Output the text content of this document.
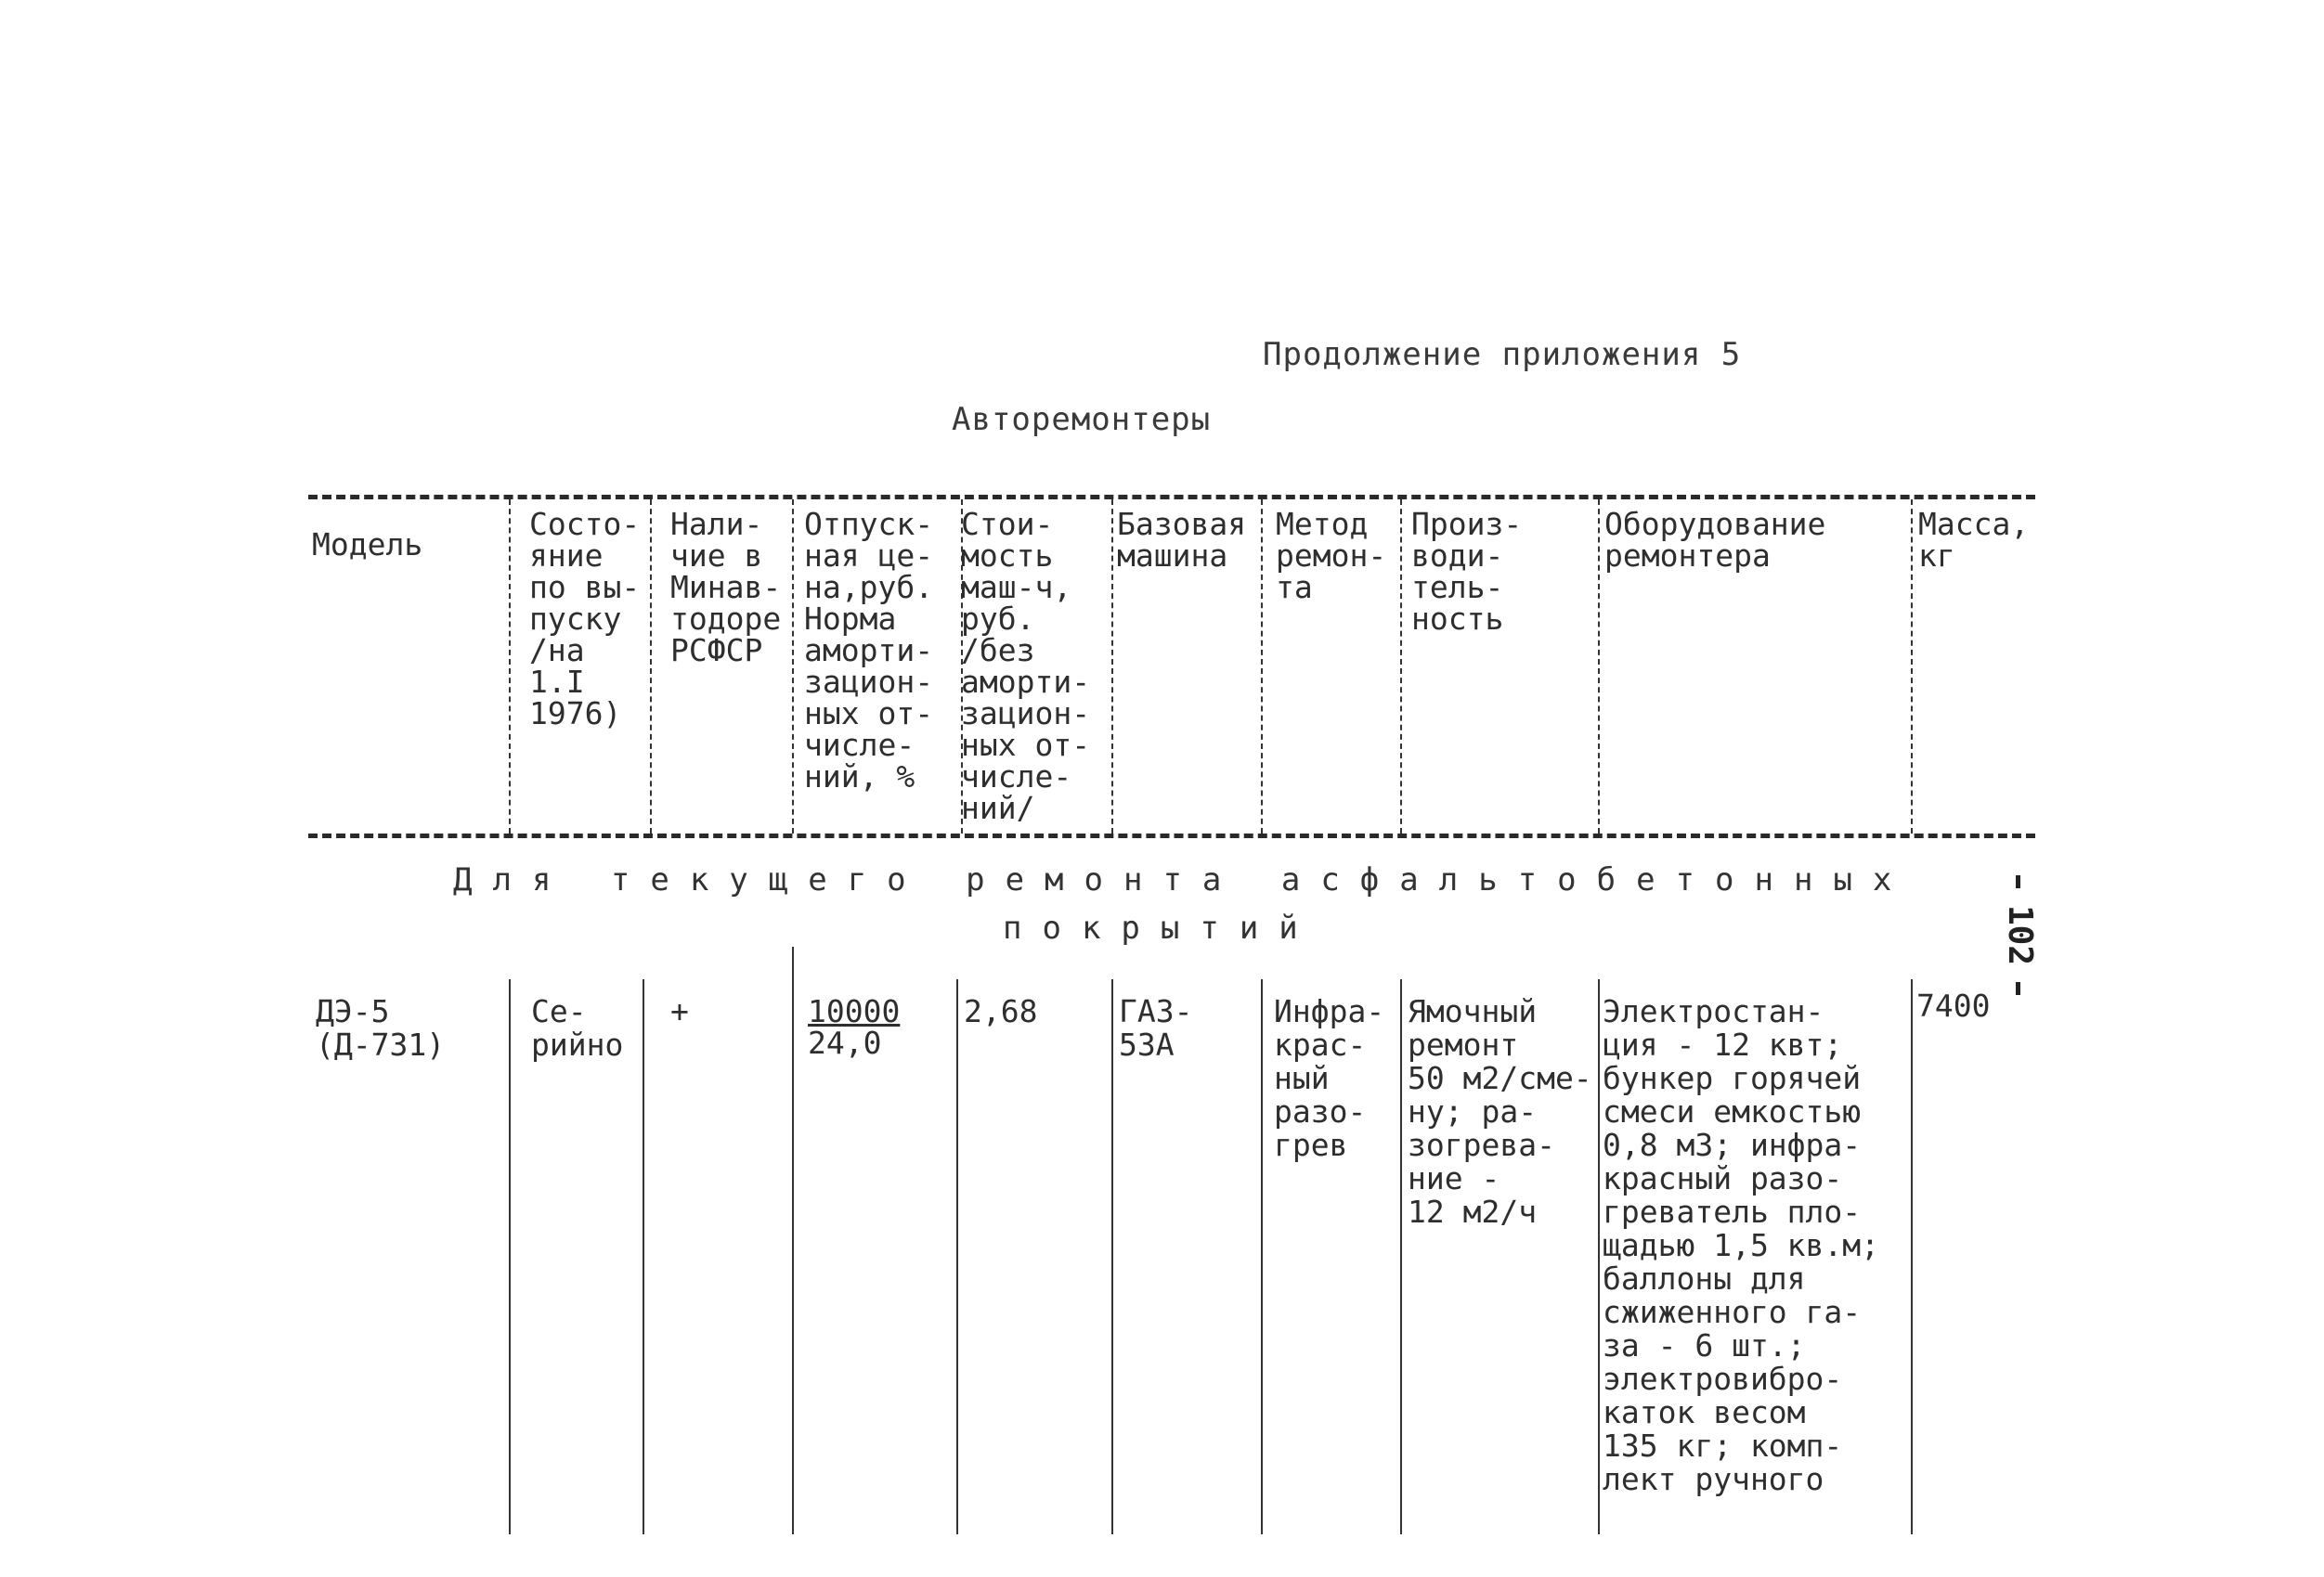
Продолжение приложения 5
Авторемонтеры
Модель
Состо-
яние
по вы-
пуску
/на
1.I
1976)
Нали-
чие в
Минав-
тодоре
РСФСР
Отпуск-
ная це-
на,руб.
Норма
аморти-
зацион-
ных от-
числе-
ний, %
Стои-
мость
маш-ч,
руб.
/без
аморти-
зацион-
ных от-
числе-
ний/
Базовая
машина
Метод
ремон-
та
Произ-
води-
тель-
ность
Оборудование
ремонтера
Масса,
кг
Для текущего ремонта асфальтобетонных
покрытий
ДЭ-5
(Д-731)
Се-
рийно
+	10000
24,0
2,68	ГАЗ-
53А
Инфра-
крас-
ный
разо-
грев
Ямочный
ремонт
50 м2/сме-
ну; ра-
зогрева-
ние -
12 м2/ч
Электростан-
ция - 12 квт;
бункер горячей
смеси емкостью
0,8 м3; инфра-
красный разо-
греватель пло-
щадью 1,5 кв.м;
баллоны для
сжиженного га-
за - 6 шт.;
электровибро-
каток весом
135 кг; комп-
лект ручного
7400
102
